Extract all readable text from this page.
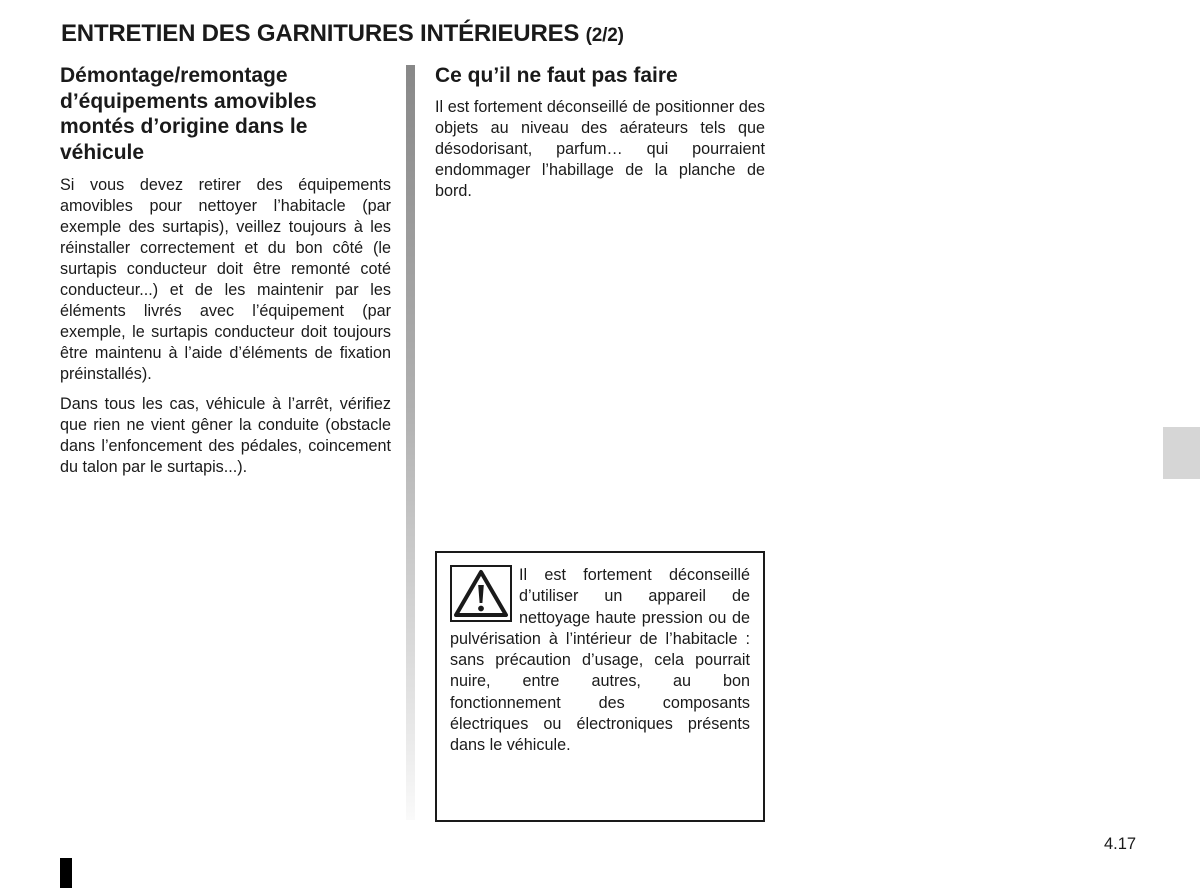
ENTRETIEN DES GARNITURES INTÉRIEURES (2/2)
Démontage/remontage d’équipements amovibles montés d’origine dans le véhicule

Si vous devez retirer des équipements amovibles pour nettoyer l’habitacle (par exemple des surtapis), veillez toujours à les réinstaller correctement et du bon côté (le surtapis conducteur doit être remonté coté conducteur...) et de les maintenir par les éléments livrés avec l’équipement (par exemple, le surtapis conducteur doit toujours être maintenu à l’aide d’éléments de fixation préinstallés).

Dans tous les cas, véhicule à l’arrêt, vérifiez que rien ne vient gêner la conduite (obstacle dans l’enfoncement des pédales, coincement du talon par le surtapis...).

Ce qu’il ne faut pas faire

Il est fortement déconseillé de positionner des objets au niveau des aérateurs tels que désodorisant, parfum… qui pourraient endommager l’habillage de la planche de bord.

Il est fortement déconseillé d’utiliser un appareil de nettoyage haute pression ou de pulvérisation à l’intérieur de l’habitacle : sans précaution d’usage, cela pourrait nuire, entre autres, au bon fonctionnement des composants électriques ou électroniques présents dans le véhicule.

4.17
